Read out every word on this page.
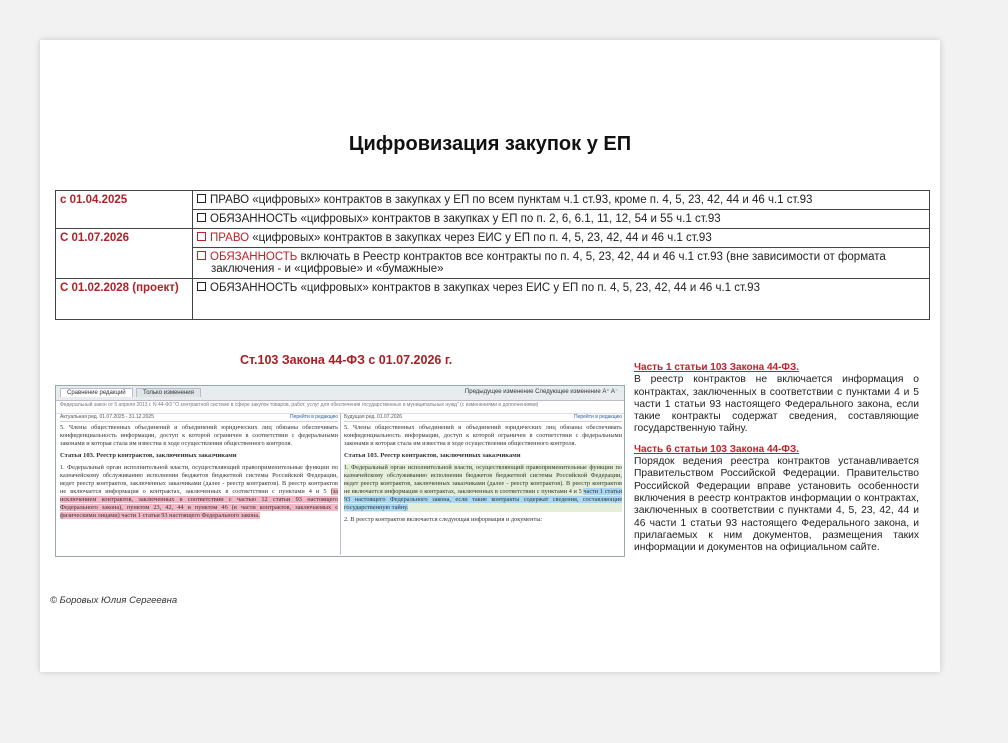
Цифровизация закупок у ЕП
с 01.04.2025	ПРАВО «цифровых» контрактов в закупках у ЕП по всем пунктам ч.1 ст.93, кроме п. 4, 5, 23, 42, 44 и 46 ч.1 ст.93
	ОБЯЗАННОСТЬ «цифровых» контрактов в закупках у ЕП по п. 2, 6, 6.1, 11, 12, 54 и 55 ч.1 ст.93
С 01.07.2026	ПРАВО «цифровых» контрактов в закупках через ЕИС у ЕП по п. 4, 5, 23, 42, 44 и 46 ч.1 ст.93
	ОБЯЗАННОСТЬ включать в Реестр контрактов все контракты по п. 4, 5, 23, 42, 44 и 46 ч.1 ст.93 (вне зависимости от формата заключения - и «цифровые» и «бумажные»
С 01.02.2028 (проект)	ОБЯЗАННОСТЬ «цифровых» контрактов в закупках через ЕИС у ЕП по п. 4, 5, 23, 42, 44 и 46 ч.1 ст.93
Ст.103 Закона 44-ФЗ с 01.07.2026 г.
Сравнение редакций	Только изменения	Предыдущее изменение Следующее изменение A⁺ A⁻
Федеральный закон от 5 апреля 2013 г. N 44-ФЗ "О контрактной системе в сфере закупок товаров, работ, услуг для обеспечения государственных и муниципальных нужд" (с изменениями и дополнениями)
Актуальная ред. 01.07.2025 - 31.12.2025	Перейти в редакцию

5. Члены общественных объединений и объединений юридических лиц обязаны обеспечивать конфиденциальность информации, доступ к которой ограничен в соответствии с федеральными законами и которая стала им известна в ходе осуществления общественного контроля.

Статья 103. Реестр контрактов, заключенных заказчиками

1. Федеральный орган исполнительной власти, осуществляющий правоприменительные функции по казначейскому обслуживанию исполнения бюджетов бюджетной системы Российской Федерации, ведет реестр контрактов, заключенных заказчиками (далее - реестр контрактов). В реестр контрактов не включается информация о контрактах, заключенных в соответствии с пунктами 4 и 5 (за исключением контрактов, заключенных в соответствии с частью 12 статьи 93 настоящего Федерального закона), пунктом 23, 42, 44 и пунктом 46 (в части контрактов, заключаемых с физическими лицами) части 1 статьи 93 настоящего Федерального закона.

Будущая ред. 01.07.2026	Перейти в редакцию

5. Члены общественных объединений и объединений юридических лиц обязаны обеспечивать конфиденциальность информации, доступ к которой ограничен в соответствии с федеральными законами и которая стала им известна в ходе осуществления общественного контроля.

Статья 103. Реестр контрактов, заключенных заказчиками

1. Федеральный орган исполнительной власти, осуществляющий правоприменительные функции по казначейскому обслуживанию исполнения бюджетов бюджетной системы Российской Федерации, ведет реестр контрактов, заключенных заказчиками (далее - реестр контрактов). В реестр контрактов не включается информация о контрактах, заключенных в соответствии с пунктами 4 и 5 части 1 статьи 93 настоящего Федерального закона, если такие контракты содержат сведения, составляющие государственную тайну.

2. В реестр контрактов включается следующая информация и документы:

Часть 1 статьи 103 Закона 44-ФЗ.

В реестр контрактов не включается информация о контрактах, заключенных в соответствии с пунктами 4 и 5 части 1 статьи 93 настоящего Федерального закона, если такие контракты содержат сведения, составляющие государственную тайну.

Часть 6 статьи 103 Закона 44-ФЗ.

Порядок ведения реестра контрактов устанавливается Правительством Российской Федерации. Правительство Российской Федерации вправе установить особенности включения в реестр контрактов информации о контрактах, заключенных в соответствии с пунктами 4, 5, 23, 42, 44 и 46 части 1 статьи 93 настоящего Федерального закона, и прилагаемых к ним документов, размещения таких информации и документов на официальном сайте.

© Боровых Юлия Сергеевна
